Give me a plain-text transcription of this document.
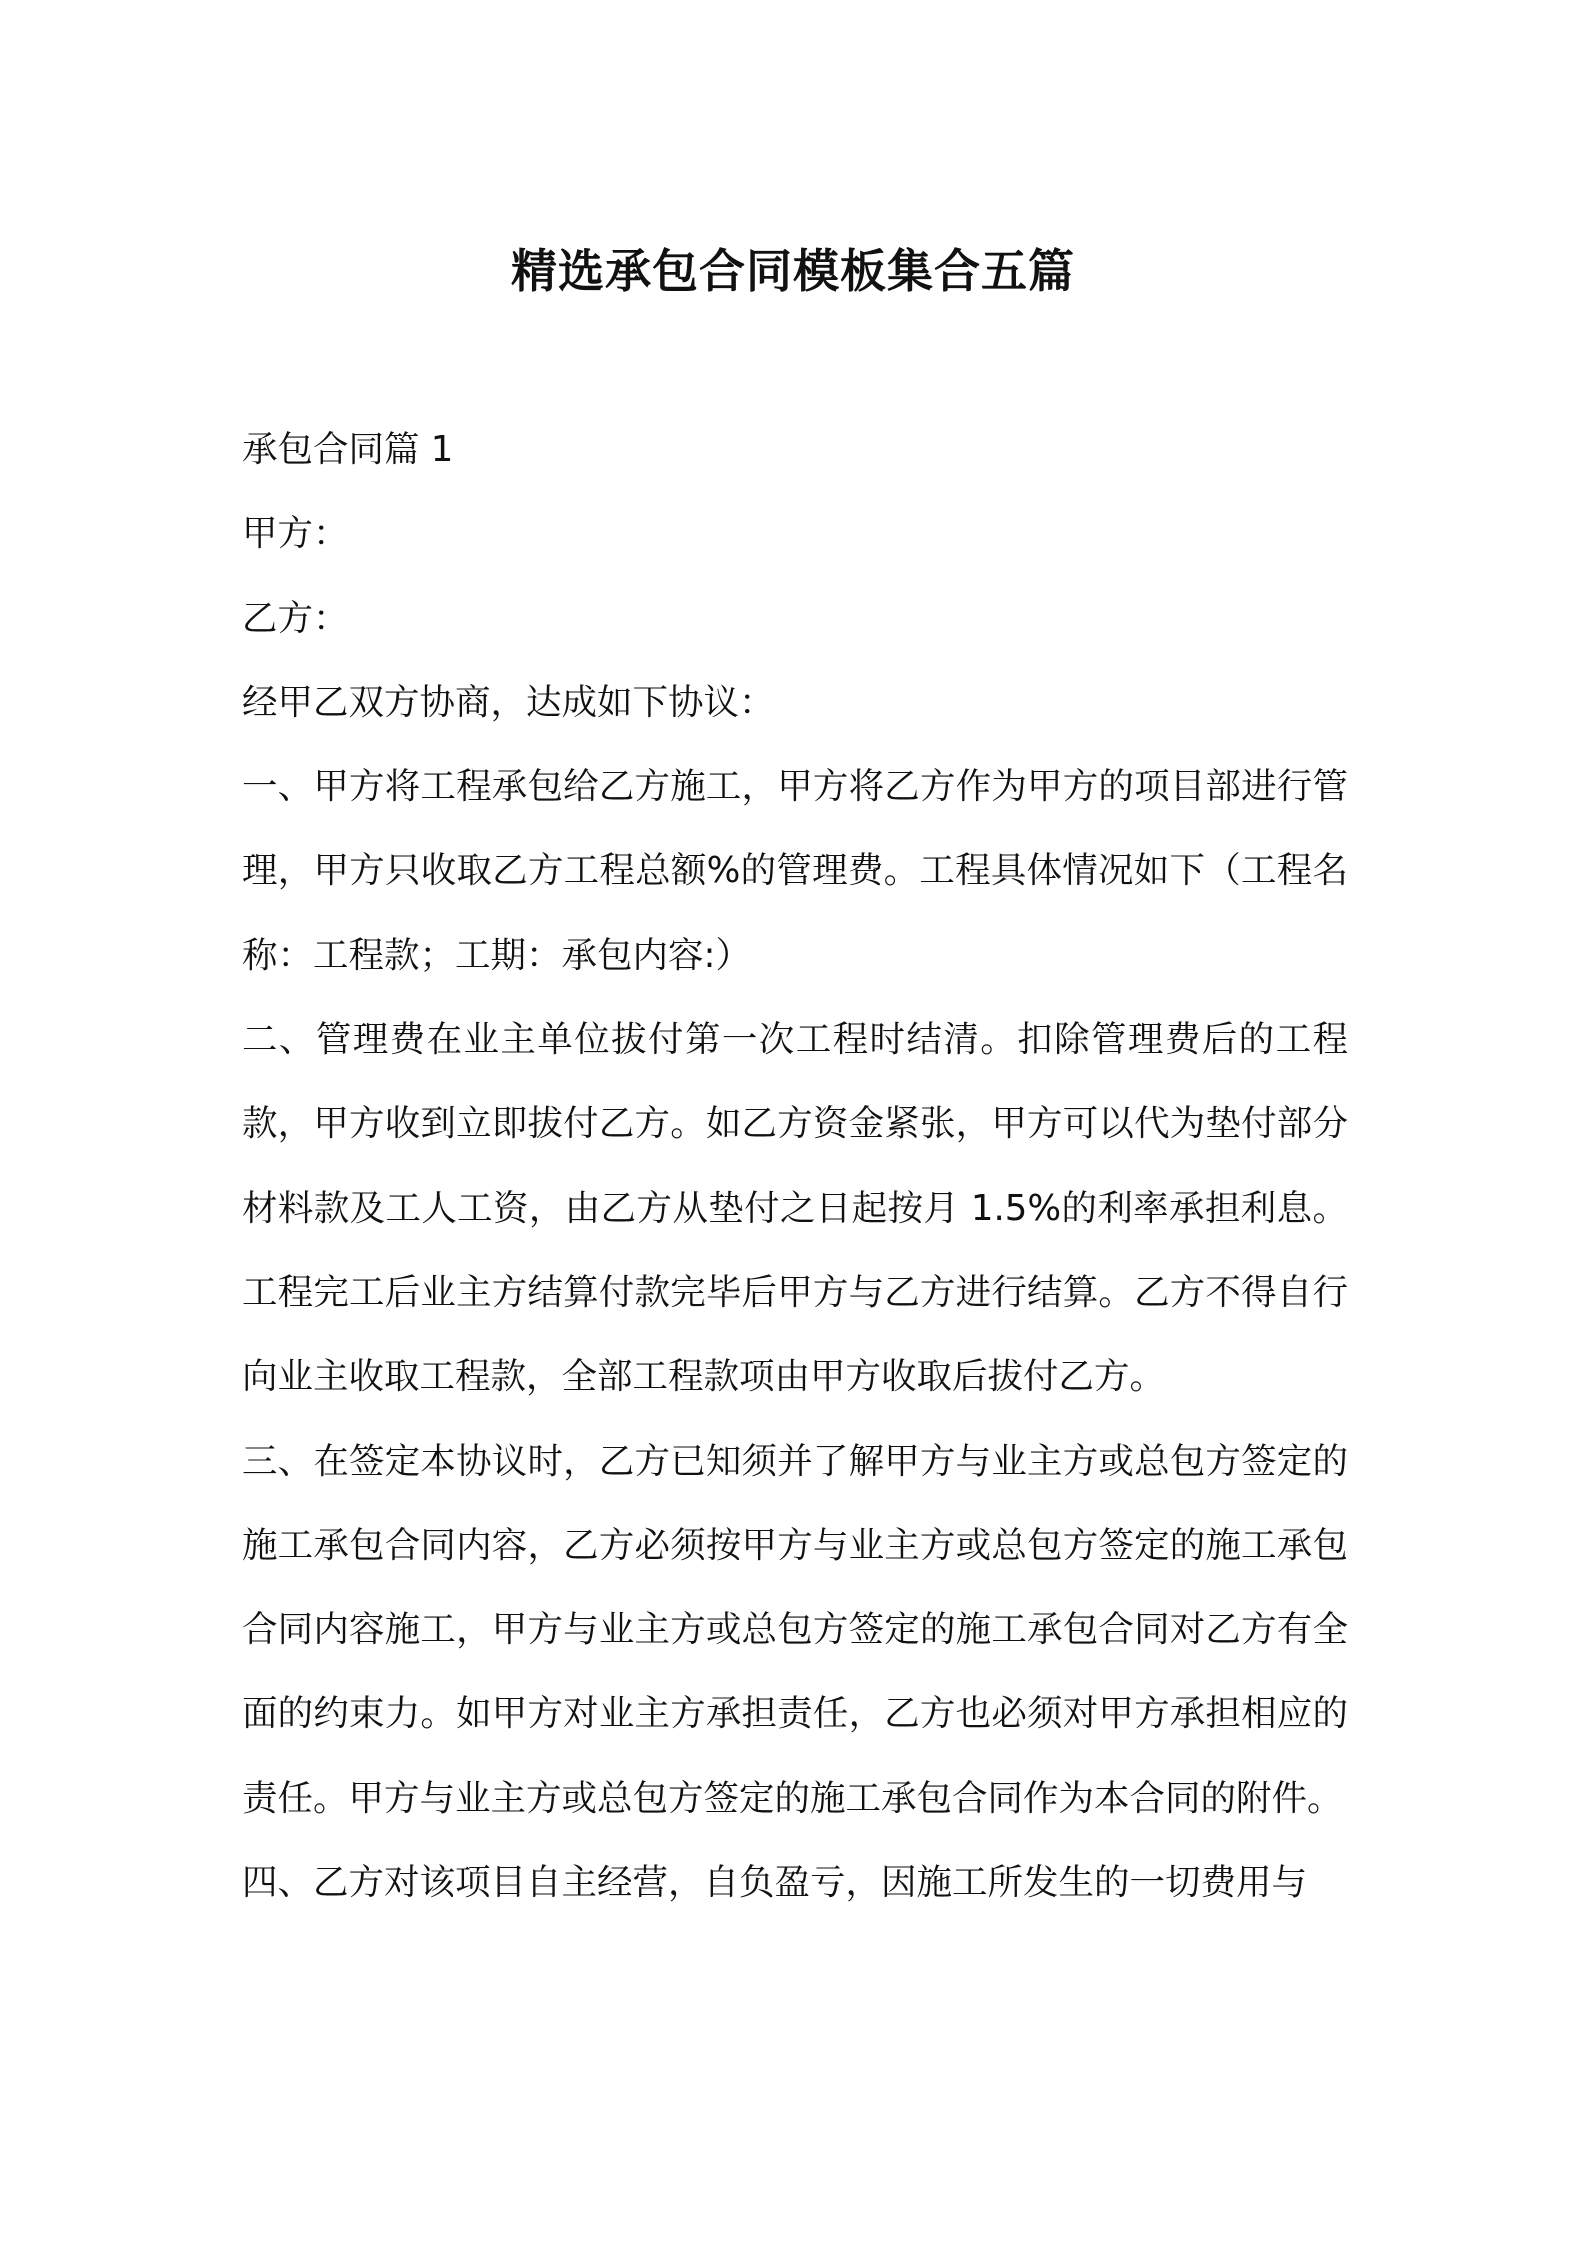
精选承包合同模板集合五篇

承包合同篇 1

甲方：

乙方：

经甲乙双方协商，达成如下协议：

一、甲方将工程承包给乙方施工，甲方将乙方作为甲方的项目部进行管理，甲方只收取乙方工程总额%的管理费。工程具体情况如下（工程名称：工程款；工期：承包内容:）

二、管理费在业主单位拔付第一次工程时结清。扣除管理费后的工程款，甲方收到立即拔付乙方。如乙方资金紧张，甲方可以代为垫付部分材料款及工人工资，由乙方从垫付之日起按月 1.5%的利率承担利息。工程完工后业主方结算付款完毕后甲方与乙方进行结算。乙方不得自行向业主收取工程款，全部工程款项由甲方收取后拔付乙方。

三、在签定本协议时，乙方已知须并了解甲方与业主方或总包方签定的施工承包合同内容，乙方必须按甲方与业主方或总包方签定的施工承包合同内容施工，甲方与业主方或总包方签定的施工承包合同对乙方有全面的约束力。如甲方对业主方承担责任，乙方也必须对甲方承担相应的责任。甲方与业主方或总包方签定的施工承包合同作为本合同的附件。

四、乙方对该项目自主经营，自负盈亏，因施工所发生的一切费用与
